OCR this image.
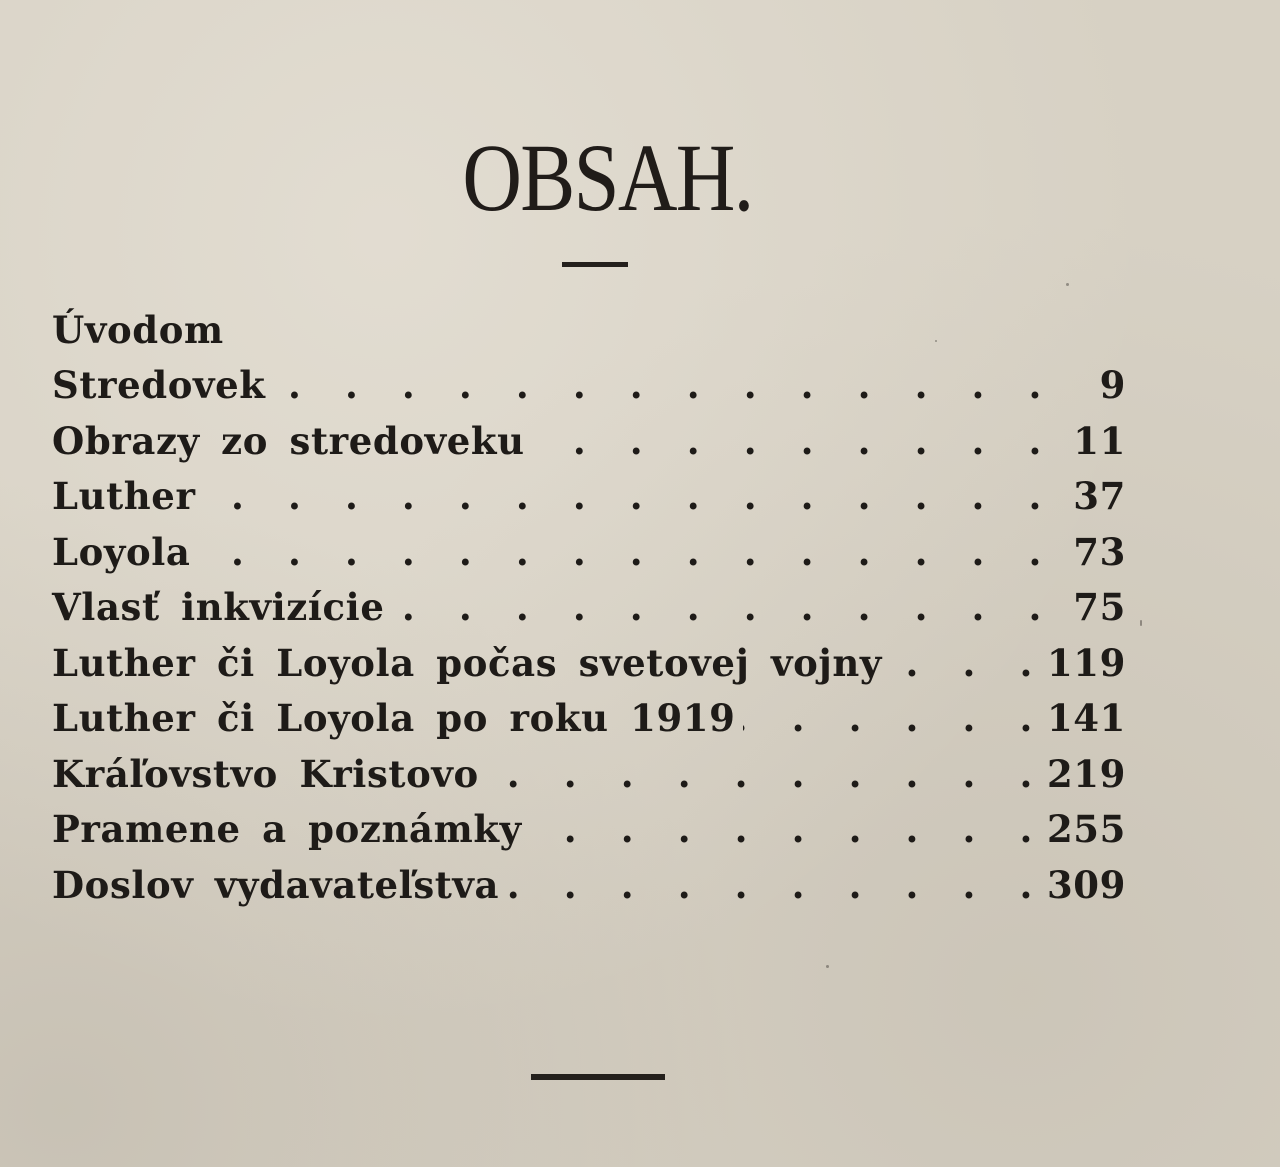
OBSAH.
Úvodom
Stredovek . . .	9
Obrazy zo stredoveku . . .	11
Luther . . .	37
Loyola . . .	73
Vlasť inkvizície . . .	75
Luther či Loyola počas svetovej vojny . . .	119
Luther či Loyola po roku 1919 . . .	141
Kráľovstvo Kristovo . . .	219
Pramene a poznámky . . .	255
Doslov vydavateľstva . . .	309
